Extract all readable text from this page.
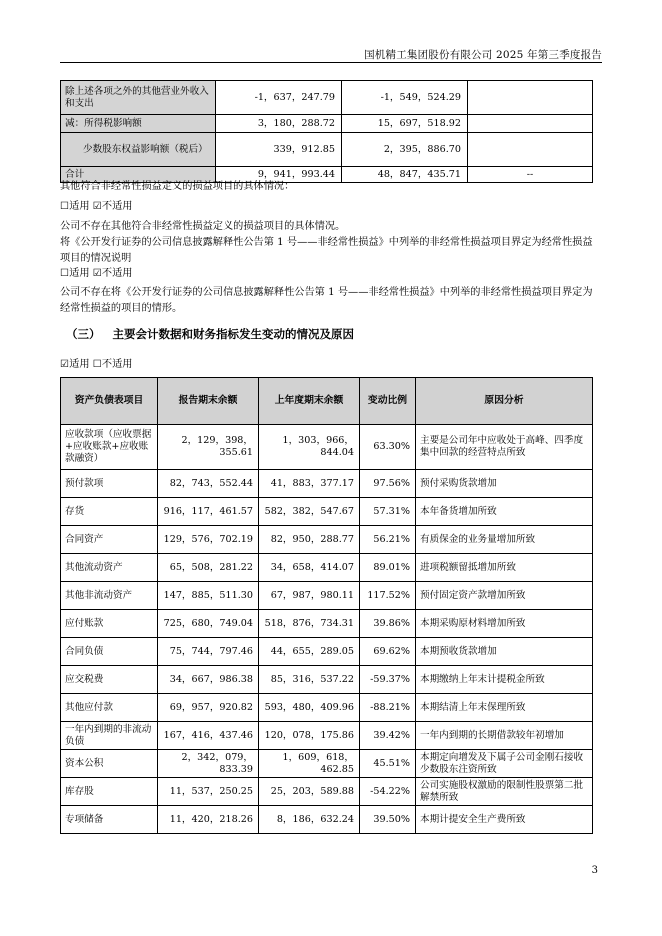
国机精工集团股份有限公司 2025 年第三季度报告
除上述各项之外的其他营业外收入和支出	-1，637，247.79	-1，549，524.29	
减：所得税影响额	3，180，288.72	15，697，518.92	
少数股东权益影响额（税后）	339，912.85	2，395，886.70	
合计	9，941，993.44	48，847，435.71	--
其他符合非经常性损益定义的损益项目的具体情况：
☐适用 ☑不适用
公司不存在其他符合非经常性损益定义的损益项目的具体情况。
将《公开发行证券的公司信息披露解释性公告第 1 号——非经常性损益》中列举的非经常性损益项目界定为经常性损益项目的情况说明
☐适用 ☑不适用
公司不存在将《公开发行证券的公司信息披露解释性公告第 1 号——非经常性损益》中列举的非经常性损益项目界定为经常性损益的项目的情形。
（三） 主要会计数据和财务指标发生变动的情况及原因
☑适用 ☐不适用
资产负债表项目	报告期末余额	上年度期末余额	变动比例	原因分析
应收款项（应收票据+应收账款+应收账款融资）	2，129，398，355.61	1，303，966，844.04	63.30%	主要是公司年中应收处于高峰、四季度集中回款的经营特点所致
预付款项	82，743，552.44	41，883，377.17	97.56%	预付采购货款增加
存货	916，117，461.57	582，382，547.67	57.31%	本年备货增加所致
合同资产	129，576，702.19	82，950，288.77	56.21%	有质保金的业务量增加所致
其他流动资产	65，508，281.22	34，658，414.07	89.01%	进项税额留抵增加所致
其他非流动资产	147，885，511.30	67，987，980.11	117.52%	预付固定资产款增加所致
应付账款	725，680，749.04	518，876，734.31	39.86%	本期采购原材料增加所致
合同负债	75，744，797.46	44，655，289.05	69.62%	本期预收货款增加
应交税费	34，667，986.38	85，316，537.22	-59.37%	本期缴纳上年末计提税金所致
其他应付款	69，957，920.82	593，480，409.96	-88.21%	本期结清上年末保理所致
一年内到期的非流动负债	167，416，437.46	120，078，175.86	39.42%	一年内到期的长期借款较年初增加
资本公积	2，342，079，833.39	1，609，618，462.85	45.51%	本期定向增发及下属子公司金刚石接收少数股东注资所致
库存股	11，537，250.25	25，203，589.88	-54.22%	公司实施股权激励的限制性股票第二批解禁所致
专项储备	11，420，218.26	8，186，632.24	39.50%	本期计提安全生产费所致
3
